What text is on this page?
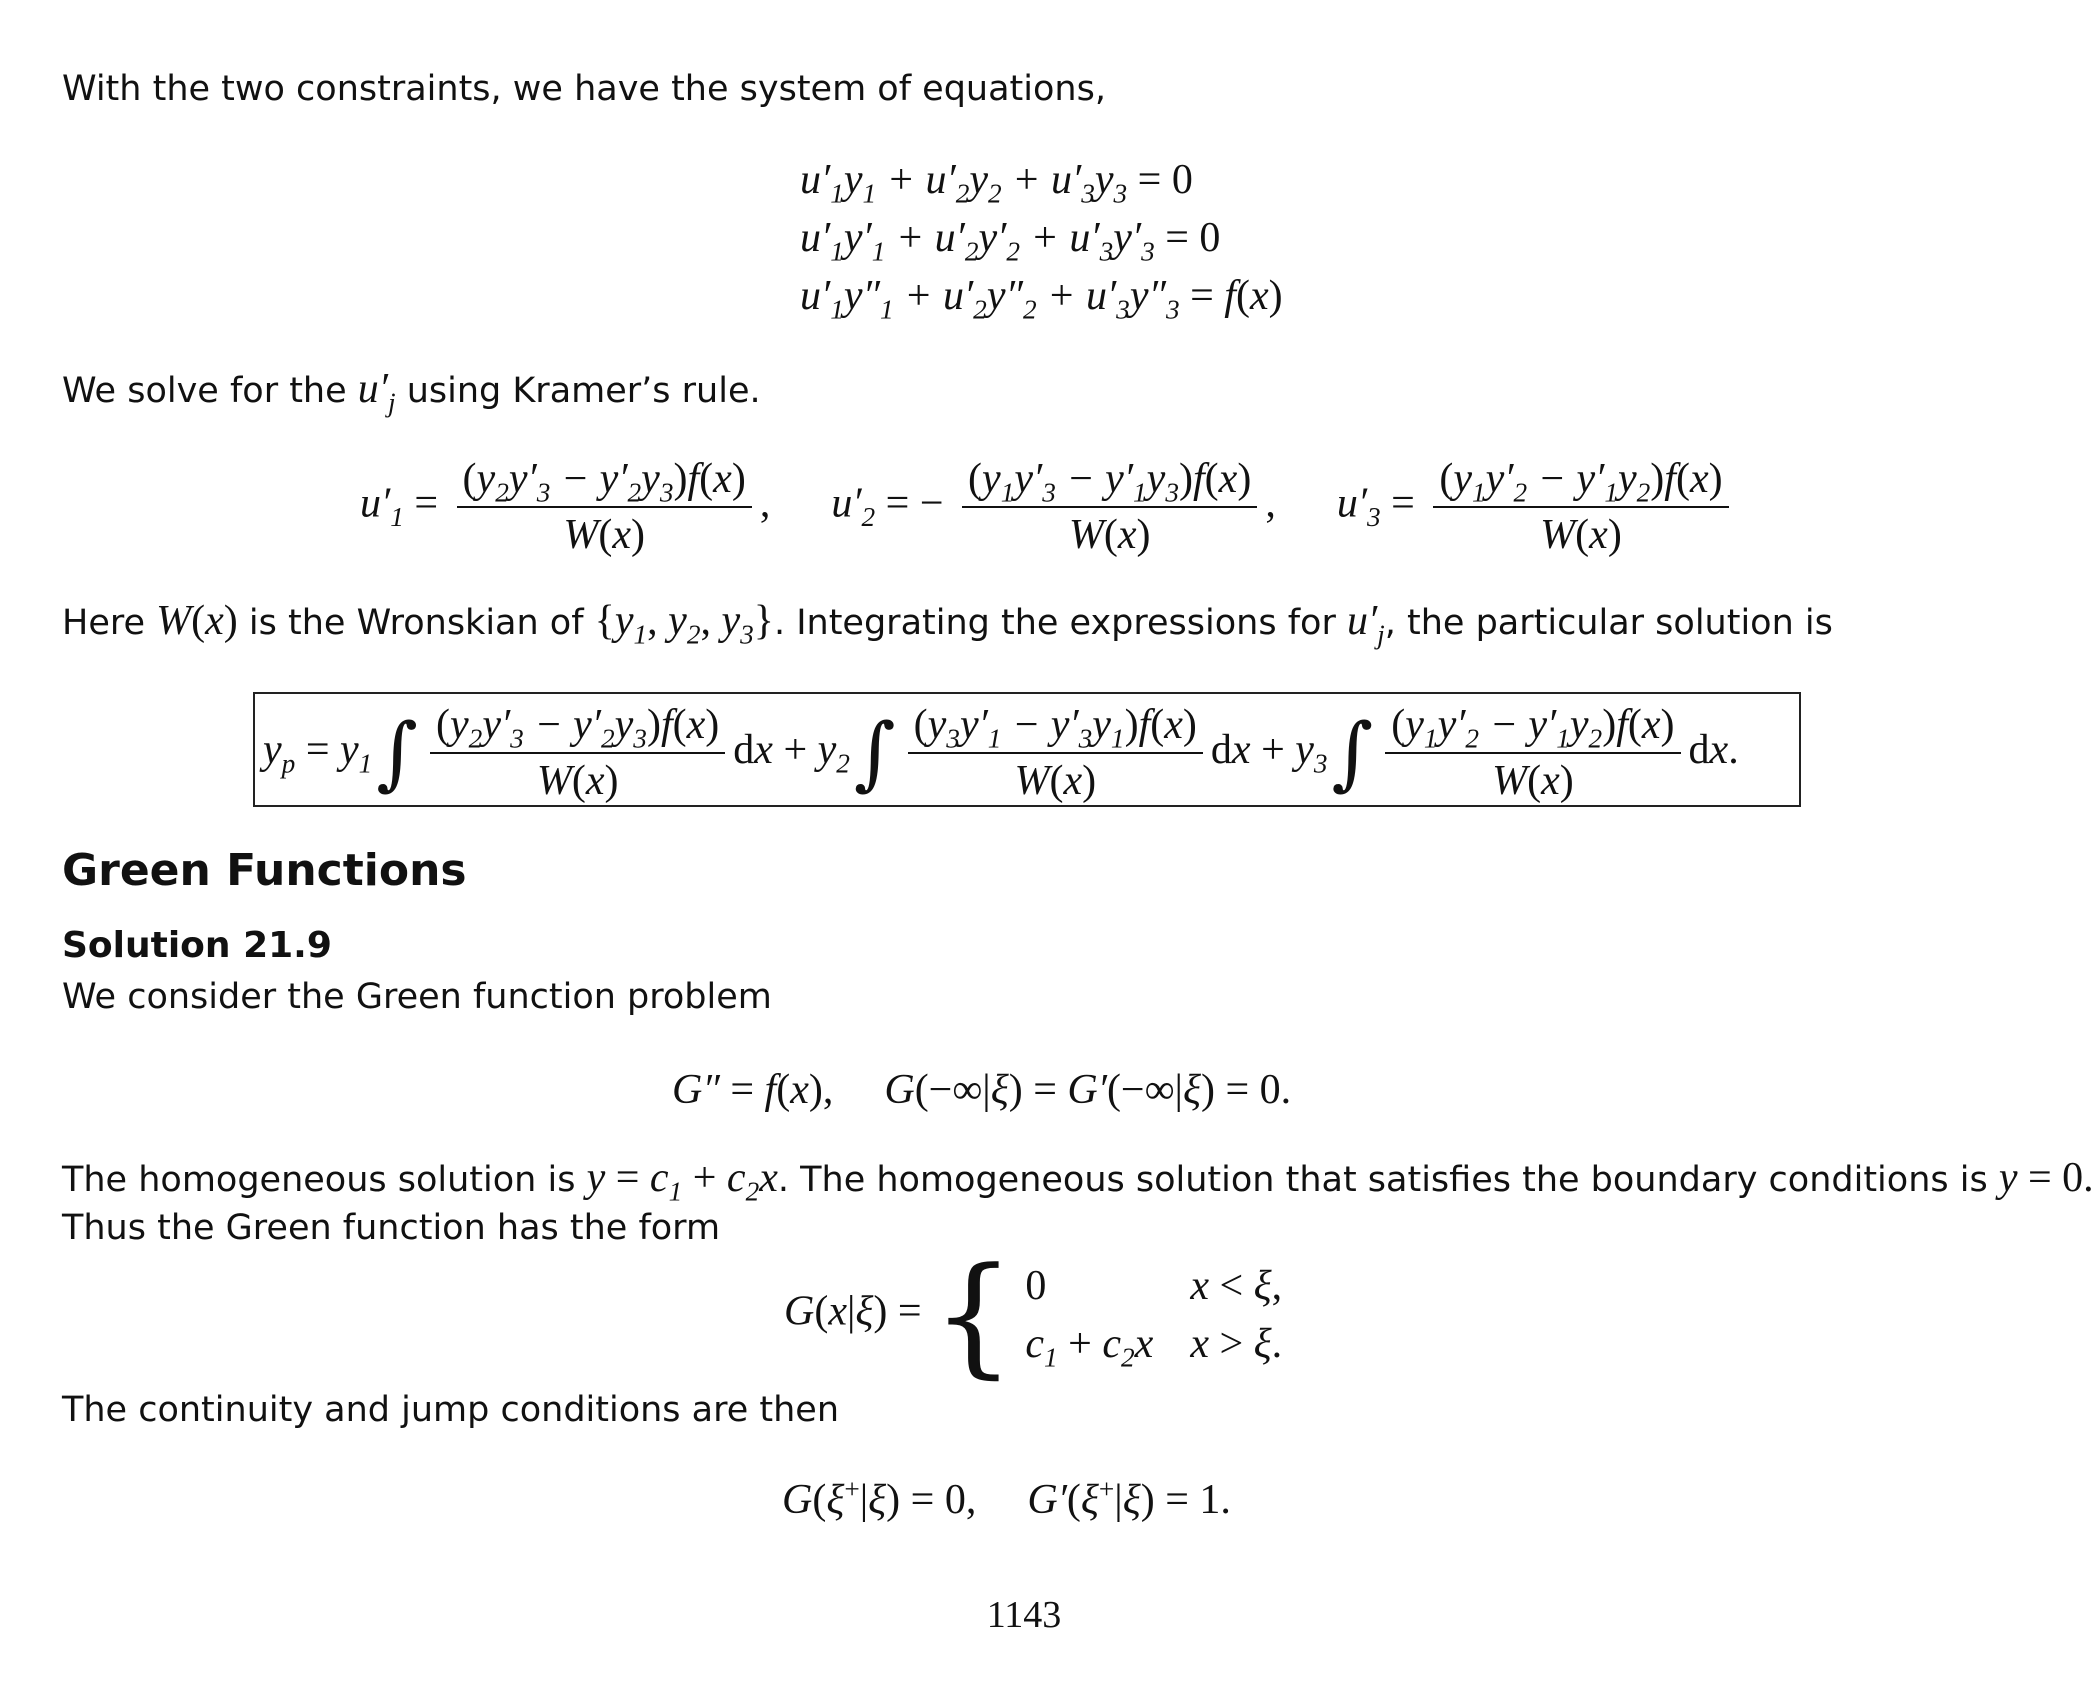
With the two constraints, we have the system of equations,
$u'_1y_1 + u'_2y_2 + u'_3y_3 = 0$
$u'_1y'_1 + u'_2y'_2 + u'_3y'_3 = 0$
$u'_1y''_1 + u'_2y''_2 + u'_3y''_3 = f(x)$
We solve for the $u'_j$ using Kramer’s rule.
$u'_1 = \frac{(y_2y'_3 - y'_2y_3)f(x)}{W(x)}$ ,  $u'_2$ = − $\frac{(y_1y'_3 - y'_1y_3)f(x)}{W(x)}$ ,  $u'_3 = \frac{(y_1y'_2 - y'_1y_2)f(x)}{W(x)}$
Here W(x) is the Wronskian of {$y_1$, $y_2$, $y_3$}. Integrating the expressions for $u'_j$, the particular solution is
$y_p = y_1\int \frac{(y_2y'_3 - y'_2y_3)f(x)}{W(x)}$ dx + $y_2\int \frac{(y_3y'_1 - y'_3y_1)f(x)}{W(x)}$ dx + $y_3\int \frac{(y_1y'_2 - y'_1y_2)f(x)}{W(x)}$ dx.
Green Functions
Solution 21.9
We consider the Green function problem
G″ = f(x),  G(−∞|ξ) = G′(−∞|ξ) = 0.
The homogeneous solution is $y = c_1 + c_2x$. The homogeneous solution that satisfies the boundary conditions is y = 0.
Thus the Green function has the form
G(x|ξ) = { 0	x < ξ,
$c_1 + c_2x$ x > ξ.
The continuity and jump conditions are then
G(ξ+|ξ) = 0,  G′(ξ+|ξ) = 1.
1143
